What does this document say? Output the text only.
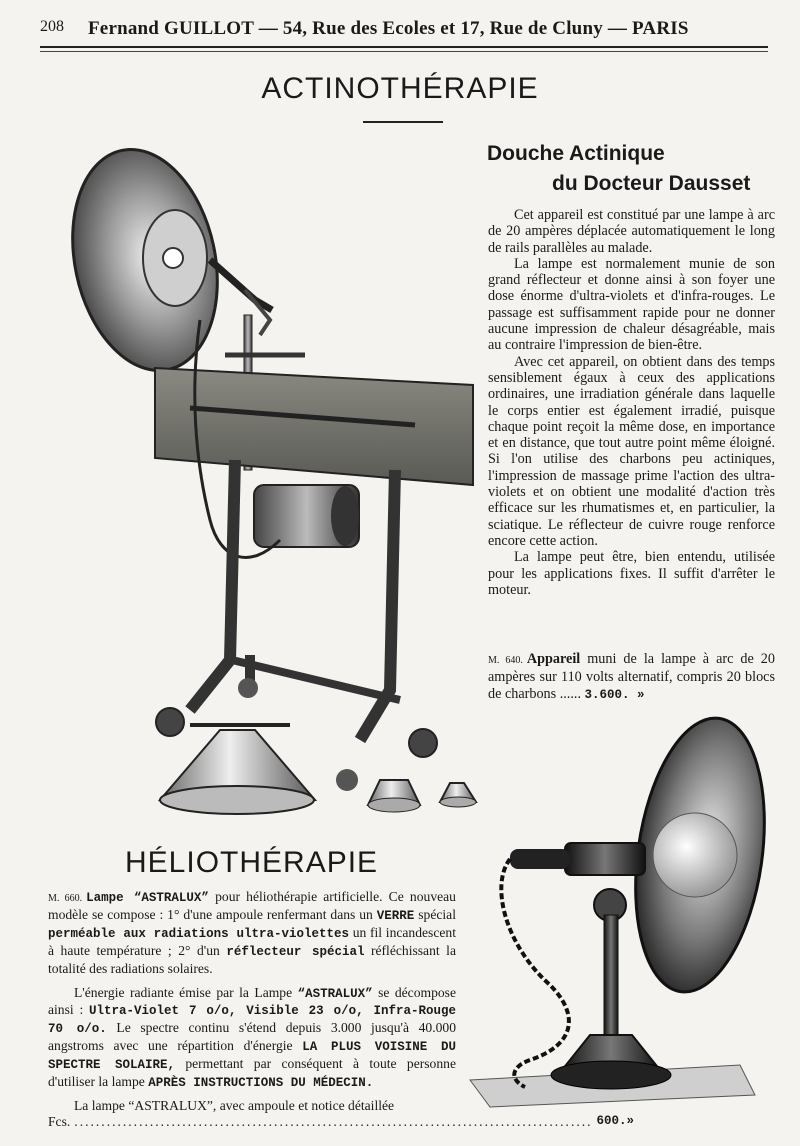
208 Fernand GUILLOT — 54, Rue des Ecoles et 17, Rue de Cluny — PARIS
ACTINOTHÉRAPIE
Douche Actinique
du Docteur Dausset

Cet appareil est constitué par une lampe à arc de 20 ampères déplacée automatiquement le long de rails parallèles au malade.

La lampe est normalement munie de son grand réflecteur et donne ainsi à son foyer une dose énorme d'ultra-violets et d'infra-rouges. Le passage est suffisamment rapide pour ne donner aucune impression de chaleur désagréable, mais au contraire l'impression de bien-être.

Avec cet appareil, on obtient dans des temps sensiblement égaux à ceux des applications ordinaires, une irradiation générale dans laquelle le corps entier est également irradié, puisque chaque point reçoit la même dose, en importance et en distance, que tout autre point même éloigné. Si l'on utilise des charbons peu actiniques, l'impression de massage prime l'action des ultra-violets et on obtient une modalité d'action très efficace sur les rhumatismes et, en particulier, la sciatique. Le réflecteur de cuivre rouge renforce encore cette action.

La lampe peut être, bien entendu, utilisée pour les applications fixes. Il suffit d'arrêter le moteur.

M. 640. Appareil muni de la lampe à arc de 20 ampères sur 110 volts alternatif, compris 20 blocs de charbons ...... 3.600. »
HÉLIOTHÉRAPIE

M. 660. Lampe “ASTRALUX” pour héliothérapie artificielle. Ce nouveau modèle se compose : 1° d'une ampoule renfermant dans un VERRE spécial perméable aux radiations ultra-violettes un fil incandescent à haute température ; 2° d'un réflecteur spécial réfléchissant la totalité des radiations solaires.

L'énergie radiante émise par la Lampe “ASTRALUX” se décompose ainsi : Ultra-Violet 7 o/o, Visible 23 o/o, Infra-Rouge 70 o/o. Le spectre continu s'étend depuis 3.000 jusqu'à 40.000 angstroms avec une répartition d'énergie LA PLUS VOISINE DU SPECTRE SOLAIRE, permettant par conséquent à toute personne d'utiliser la lampe APRÈS INSTRUCTIONS DU MÉDECIN.

La lampe “ASTRALUX”, avec ampoule et notice détaillée

Fcs. ................................................................................................ 600.»
